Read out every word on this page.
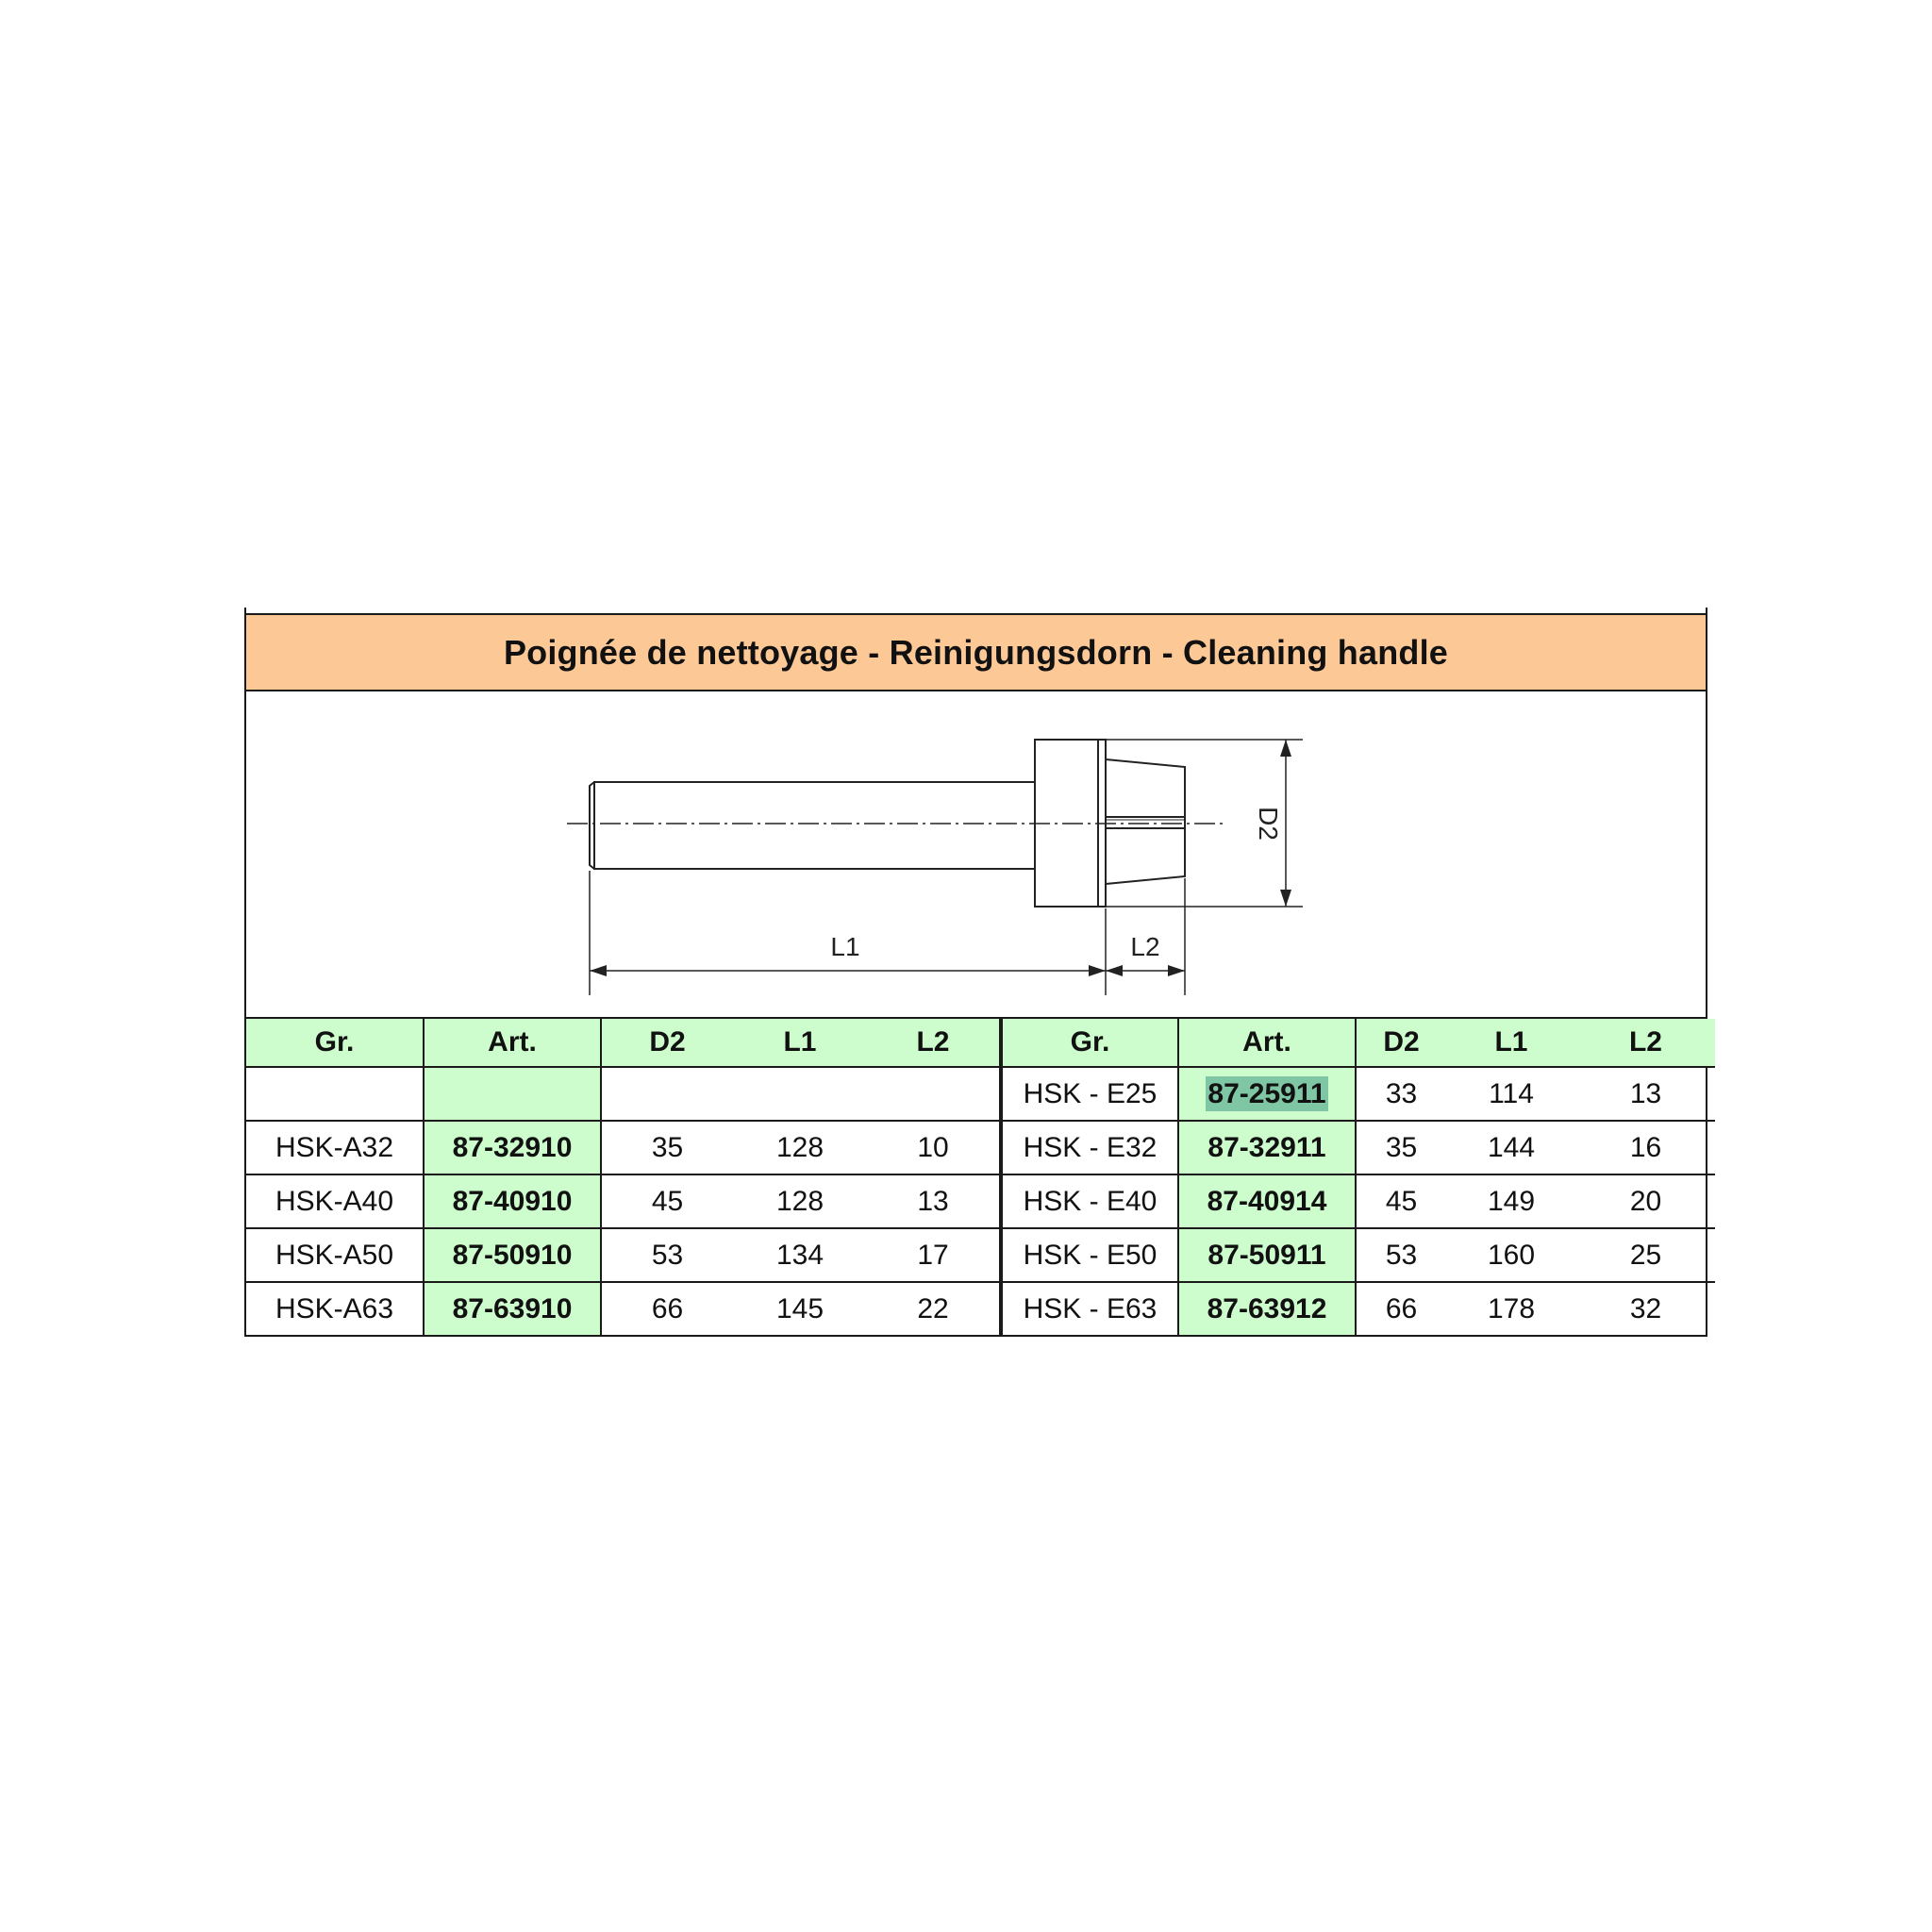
Poignée de nettoyage - Reinigungsdorn - Cleaning handle
L1	L2
D2
Gr.	Art.	D2	L1	L2	Gr.	Art.	D2	L1	L2
					HSK - E25	87-25911	33	114	13
HSK-A32	87-32910	35	128	10	HSK - E32	87-32911	35	144	16
HSK-A40	87-40910	45	128	13	HSK - E40	87-40914	45	149	20
HSK-A50	87-50910	53	134	17	HSK - E50	87-50911	53	160	25
HSK-A63	87-63910	66	145	22	HSK - E63	87-63912	66	178	32
